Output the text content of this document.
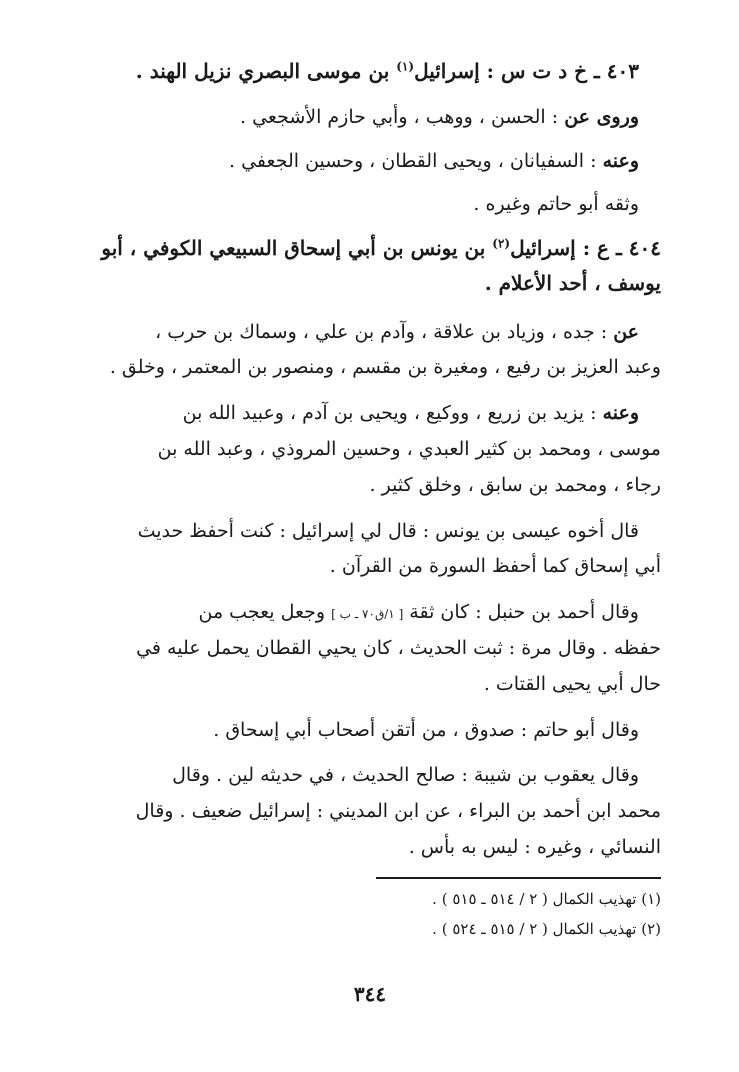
٤٠٣ ـ خ د ت س : إسرائيل$^{(١)}$ بن موسى البصري نزيل الهند .
وروى عن : الحسن ، ووهب ، وأبي حازم الأشجعي .
وعنه : السفيانان ، ويحيى القطان ، وحسين الجعفي .
وثقه أبو حاتم وغيره .
٤٠٤ ـ ع : إسرائيل$^{(٢)}$ بن يونس بن أبي إسحاق السبيعي الكوفي ، أبو
يوسف ، أحد الأعلام .
عن : جده ، وزياد بن علاقة ، وآدم بن علي ، وسماك بن حرب ،
وعبد العزيز بن رفيع ، ومغيرة بن مقسم ، ومنصور بن المعتمر ، وخلق .
وعنه : يزيد بن زريع ، ووكيع ، ويحيى بن آدم ، وعبيد الله بن
موسى ، ومحمد بن كثير العبدي ، وحسين المروذي ، وعبد الله بن
رجاء ، ومحمد بن سابق ، وخلق كثير .
قال أخوه عيسى بن يونس : قال لي إسرائيل : كنت أحفظ حديث
أبي إسحاق كما أحفظ السورة من القرآن .
وقال أحمد بن حنبل : كان ثقة [ ١/ق٧٠ ـ ب ] وجعل يعجب من
حفظه . وقال مرة : ثبت الحديث ، كان يحيي القطان يحمل عليه في
حال أبي يحيى القتات .
وقال أبو حاتم : صدوق ، من أتقن أصحاب أبي إسحاق .
وقال يعقوب بن شيبة : صالح الحديث ، في حديثه لين . وقال
محمد ابن أحمد بن البراء ، عن ابن المديني : إسرائيل ضعيف . وقال
النسائي ، وغيره : ليس به بأس .
(١) تهذيب الكمال ( ٢ / ٥١٤ ـ ٥١٥ ) .
(٢) تهذيب الكمال ( ٢ / ٥١٥ ـ ٥٢٤ ) .
٣٤٤
